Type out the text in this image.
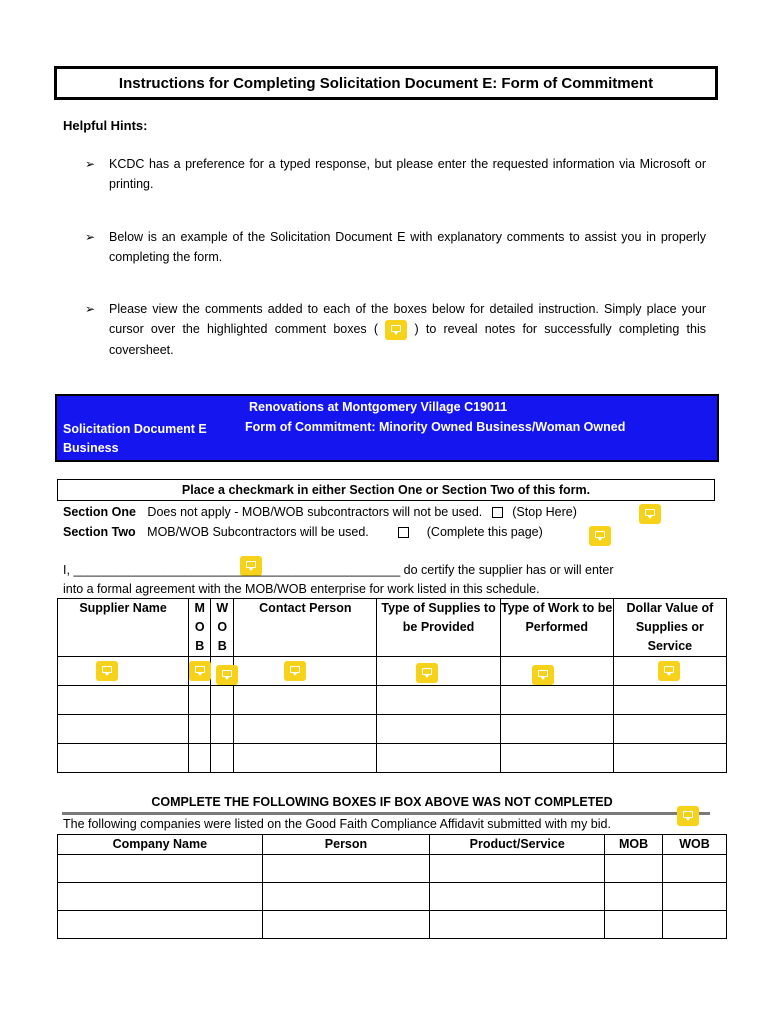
Instructions for Completing Solicitation Document E: Form of Commitment
Helpful Hints:
➢ KCDC has a preference for a typed response, but please enter the requested information via Microsoft or printing.
➢ Below is an example of the Solicitation Document E with explanatory comments to assist you in properly completing the form.
➢ Please view the comments added to each of the boxes below for detailed instruction. Simply place your cursor over the highlighted comment boxes (	) to reveal notes for successfully completing this coversheet.
Solicitation Document E Business
Renovations at Montgomery Village C19011
Form of Commitment: Minority Owned Business/Woman Owned
Place a checkmark in either Section One or Section Two of this form.
Section One Does not apply - MOB/WOB subcontractors will not be used. (Stop Here)
Section Two MOB/WOB Subcontractors will be used.	(Complete this page)
I, _______________________________________________ do certify the supplier has or will enter
into a formal agreement with the MOB/WOB enterprise for work listed in this schedule.
Supplier Name	M O B	W O B	Contact Person	Type of Supplies to be Provided	Type of Work to be Performed	Dollar Value of Supplies or Service

COMPLETE THE FOLLOWING BOXES IF BOX ABOVE WAS NOT COMPLETED
The following companies were listed on the Good Faith Compliance Affidavit submitted with my bid.
Company Name	Person	Product/Service	MOB	WOB
